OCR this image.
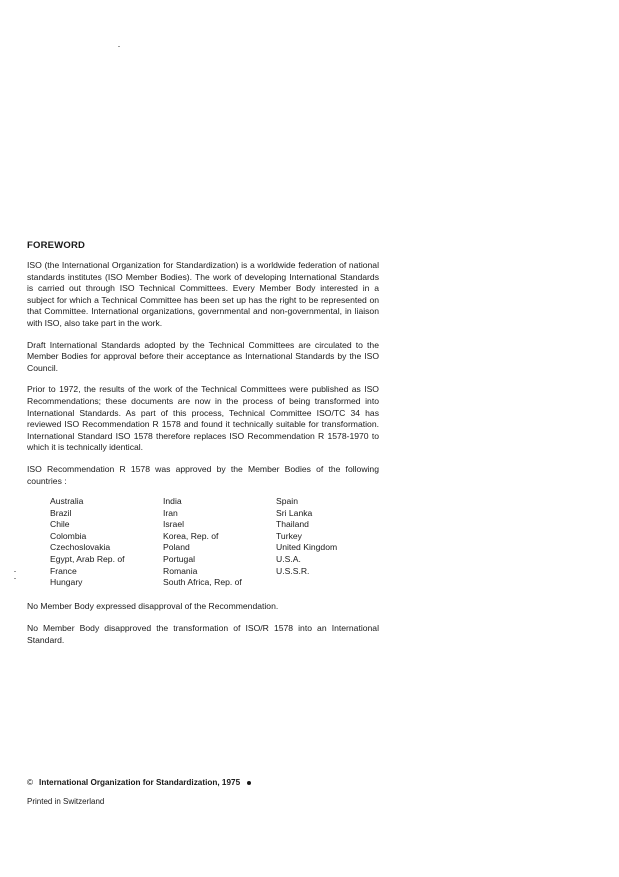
FOREWORD

ISO (the International Organization for Standardization) is a worldwide federation of national standards institutes (ISO Member Bodies). The work of developing International Standards is carried out through ISO Technical Committees. Every Member Body interested in a subject for which a Technical Committee has been set up has the right to be represented on that Committee. International organizations, governmental and non-governmental, in liaison with ISO, also take part in the work.

Draft International Standards adopted by the Technical Committees are circulated to the Member Bodies for approval before their acceptance as International Standards by the ISO Council.

Prior to 1972, the results of the work of the Technical Committees were published as ISO Recommendations; these documents are now in the process of being transformed into International Standards. As part of this process, Technical Committee ISO/TC 34 has reviewed ISO Recommendation R 1578 and found it technically suitable for transformation. International Standard ISO 1578 therefore replaces ISO Recommendation R 1578-1970 to which it is technically identical.

ISO Recommendation R 1578 was approved by the Member Bodies of the following countries :

Australia
Brazil
Chile
Colombia
Czechoslovakia
Egypt, Arab Rep. of
France
Hungary
India
Iran
Israel
Korea, Rep. of
Poland
Portugal
Romania
South Africa, Rep. of
Spain
Sri Lanka
Thailand
Turkey
United Kingdom
U.S.A.
U.S.S.R.

No Member Body expressed disapproval of the Recommendation.

No Member Body disapproved the transformation of ISO/R 1578 into an International Standard.

© International Organization for Standardization, 1975
Printed in Switzerland
